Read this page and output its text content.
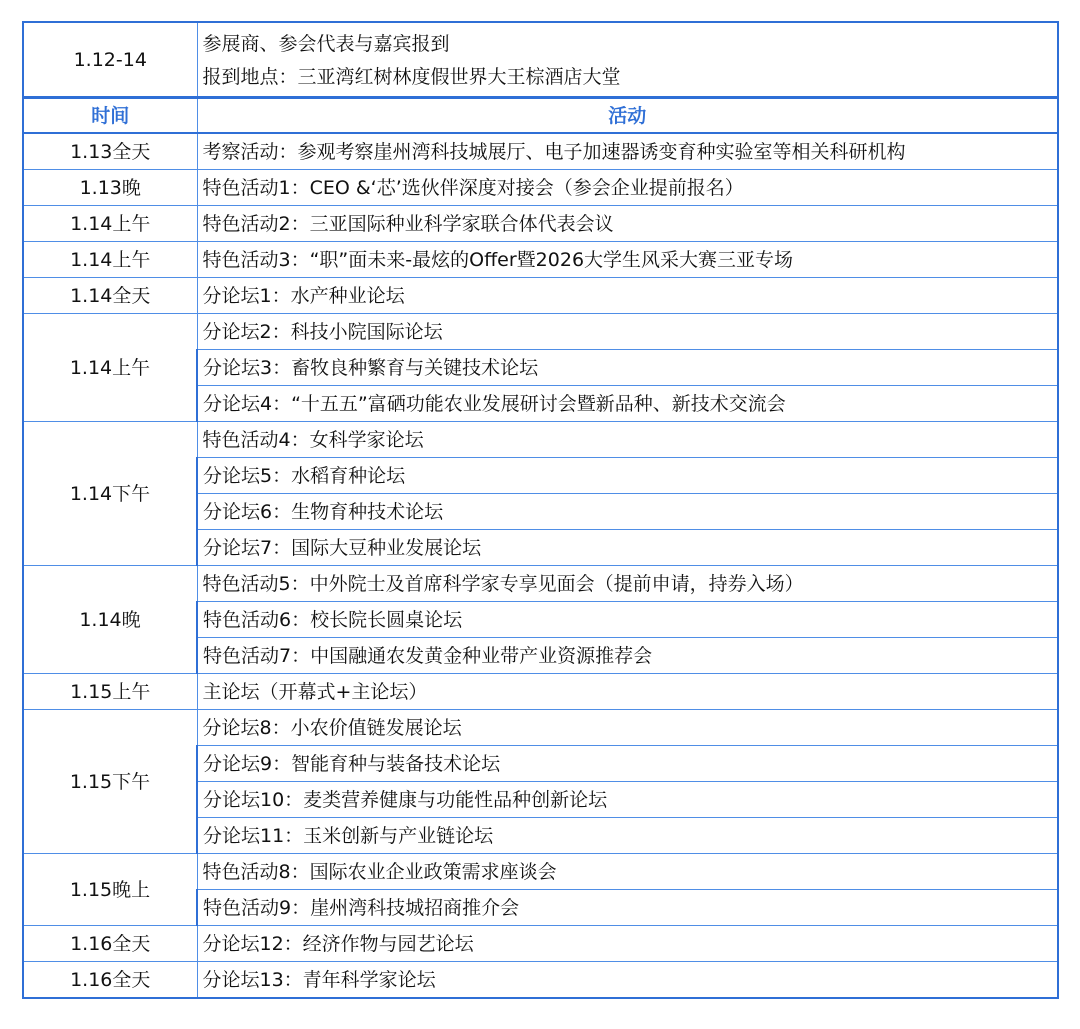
1.12-14	参展商、参会代表与嘉宾报到
报到地点：三亚湾红树林度假世界大王棕酒店大堂

时间	活动
1.13全天	考察活动：参观考察崖州湾科技城展厅、电子加速器诱变育种实验室等相关科研机构
1.13晚	特色活动1：CEO &‘芯’选伙伴深度对接会（参会企业提前报名）
1.14上午	特色活动2：三亚国际种业科学家联合体代表会议
1.14上午	特色活动3：“职”面未来-最炫的Offer暨2026大学生风采大赛三亚专场
1.14全天	分论坛1：水产种业论坛
1.14上午	分论坛2：科技小院国际论坛
	分论坛3：畜牧良种繁育与关键技术论坛
	分论坛4：“十五五”富硒功能农业发展研讨会暨新品种、新技术交流会
1.14下午	特色活动4：女科学家论坛
	分论坛5：水稻育种论坛
	分论坛6：生物育种技术论坛
	分论坛7：国际大豆种业发展论坛
1.14晚	特色活动5：中外院士及首席科学家专享见面会（提前申请，持券入场）
	特色活动6：校长院长圆桌论坛
	特色活动7：中国融通农发黄金种业带产业资源推荐会
1.15上午	主论坛（开幕式+主论坛）
1.15下午	分论坛8：小农价值链发展论坛
	分论坛9：智能育种与装备技术论坛
	分论坛10：麦类营养健康与功能性品种创新论坛
	分论坛11：玉米创新与产业链论坛
1.15晚上	特色活动8：国际农业企业政策需求座谈会
	特色活动9：崖州湾科技城招商推介会
1.16全天	分论坛12：经济作物与园艺论坛
1.16全天	分论坛13：青年科学家论坛
